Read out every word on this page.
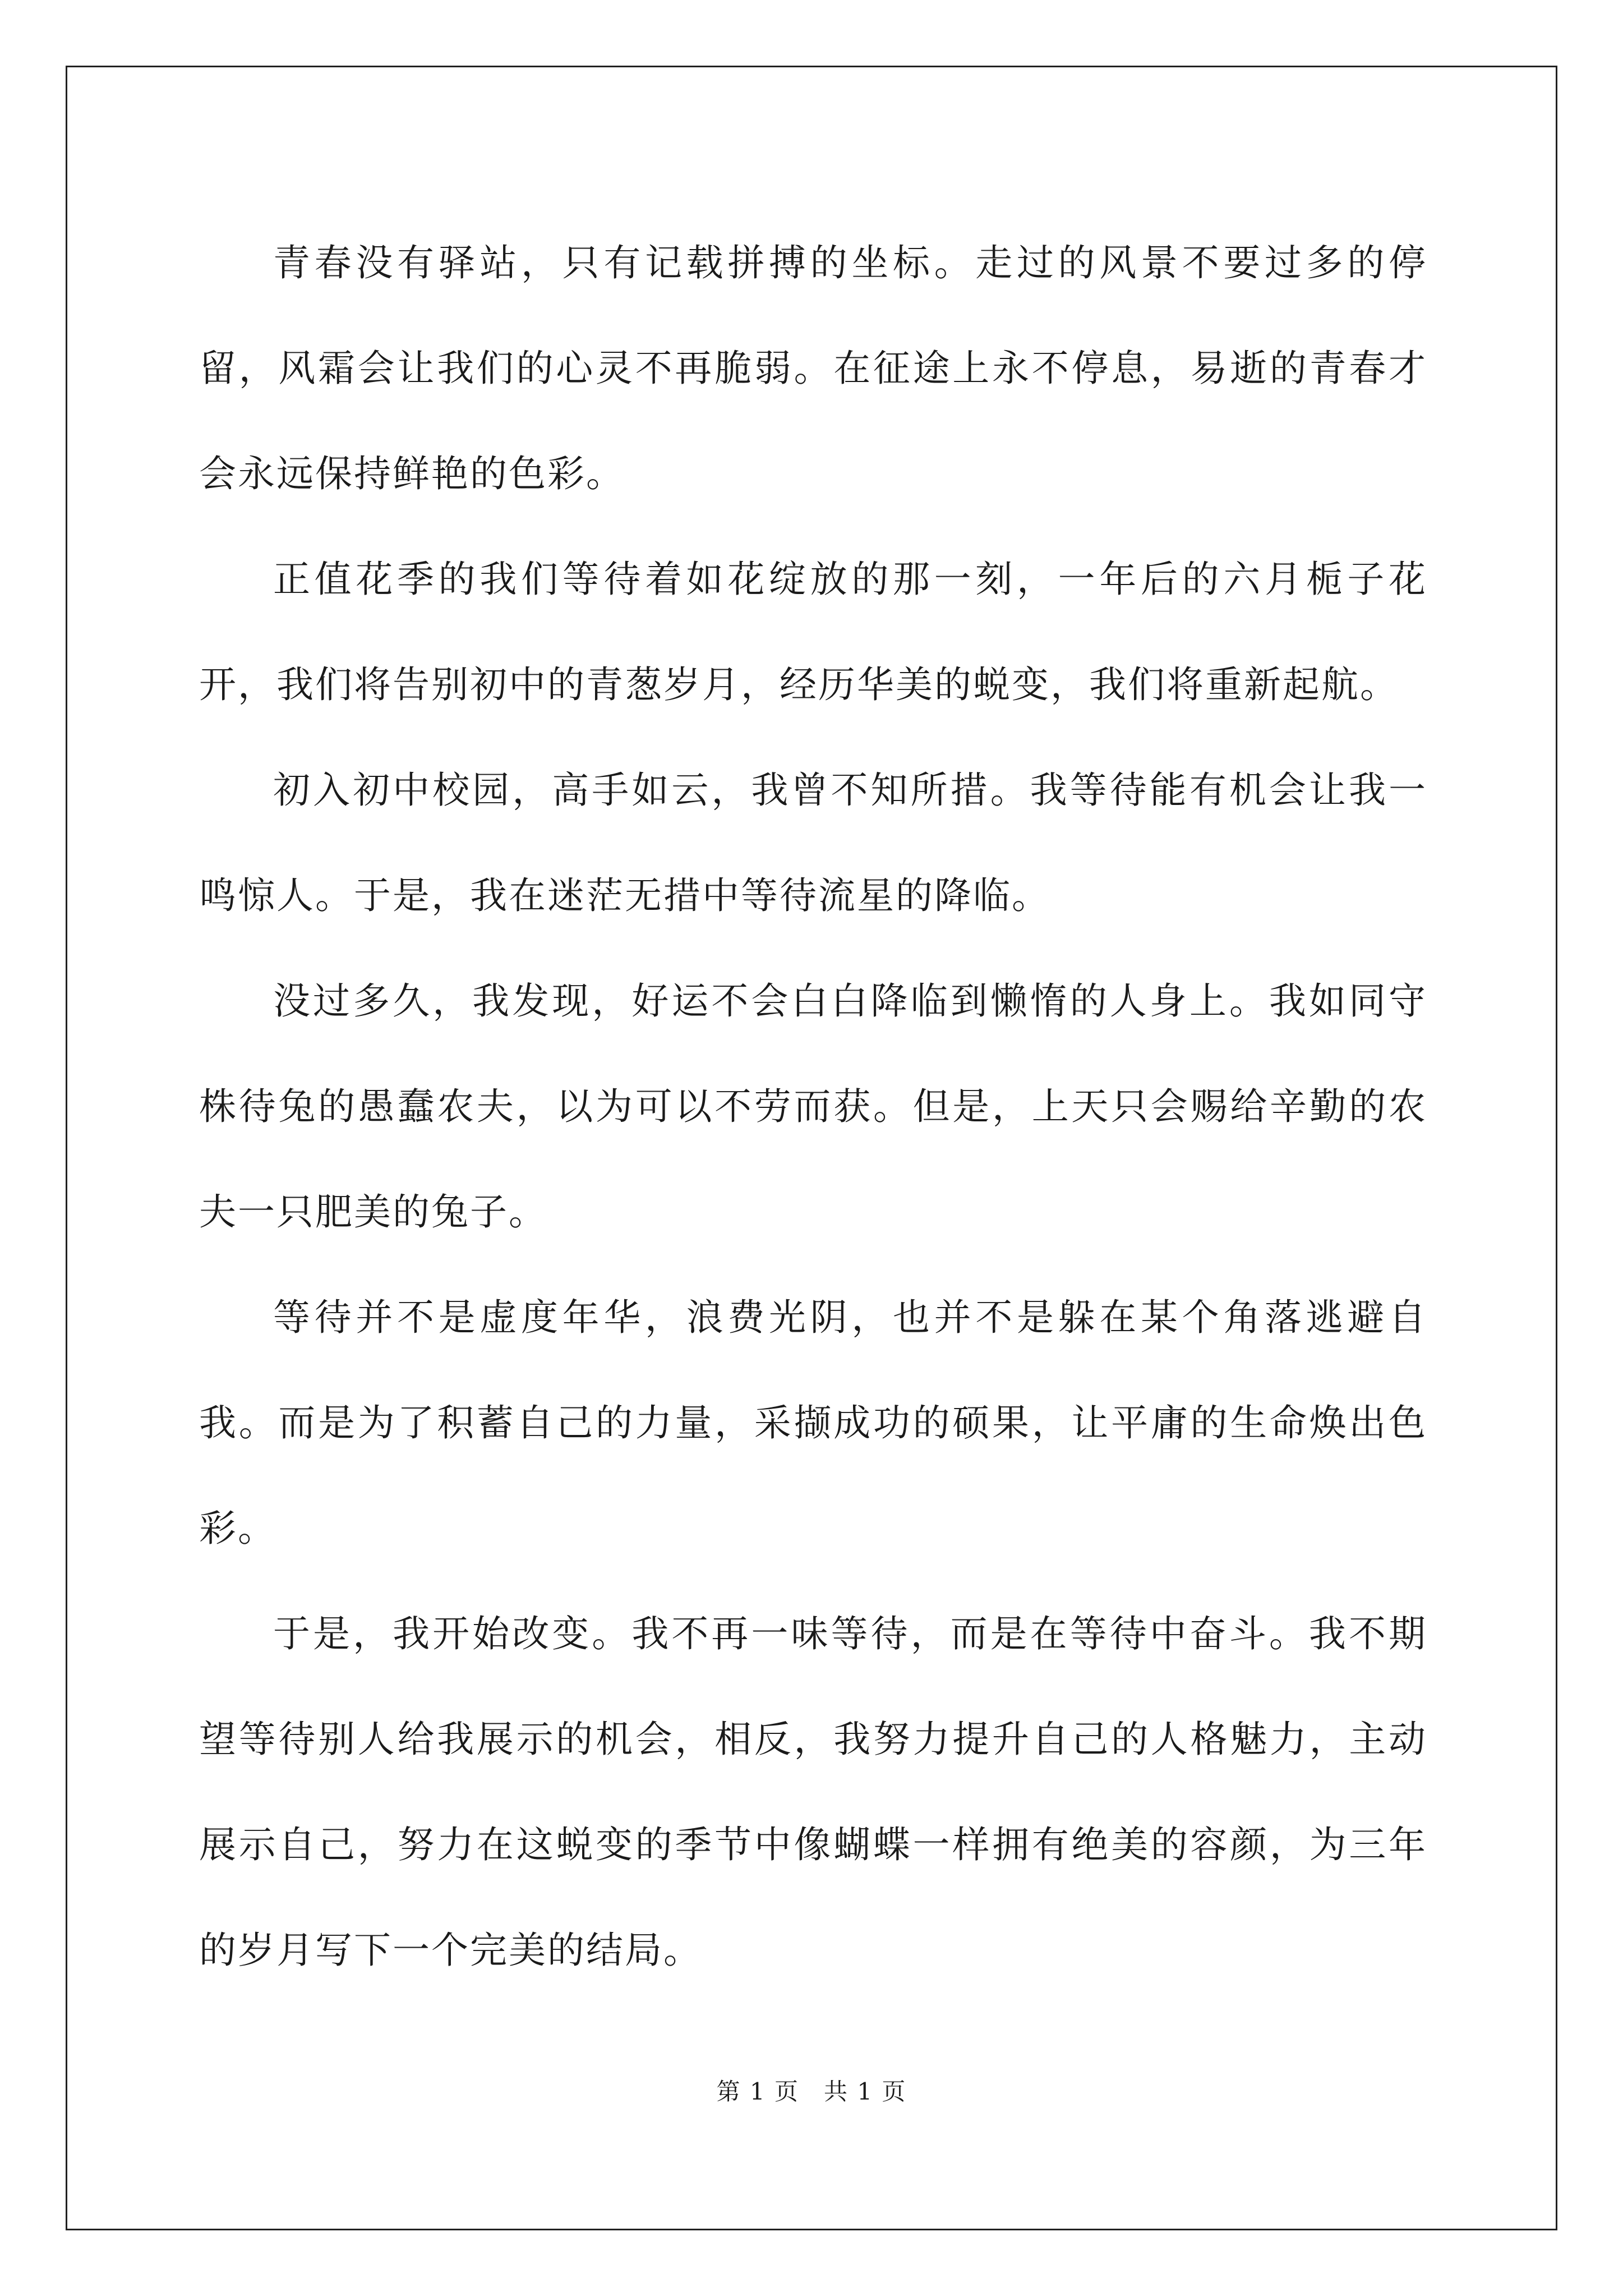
青春没有驿站，只有记载拼搏的坐标。走过的风景不要过多的停留，风霜会让我们的心灵不再脆弱。在征途上永不停息，易逝的青春才会永远保持鲜艳的色彩。

正值花季的我们等待着如花绽放的那一刻，一年后的六月栀子花开，我们将告别初中的青葱岁月，经历华美的蜕变，我们将重新起航。

初入初中校园，高手如云，我曾不知所措。我等待能有机会让我一鸣惊人。于是，我在迷茫无措中等待流星的降临。

没过多久，我发现，好运不会白白降临到懒惰的人身上。我如同守株待兔的愚蠢农夫，以为可以不劳而获。但是，上天只会赐给辛勤的农夫一只肥美的兔子。

等待并不是虚度年华，浪费光阴，也并不是躲在某个角落逃避自我。而是为了积蓄自己的力量，采撷成功的硕果，让平庸的生命焕出色彩。

于是，我开始改变。我不再一味等待，而是在等待中奋斗。我不期望等待别人给我展示的机会，相反，我努力提升自己的人格魅力，主动展示自己，努力在这蜕变的季节中像蝴蝶一样拥有绝美的容颜，为三年的岁月写下一个完美的结局。

第 1 页　共 1 页
